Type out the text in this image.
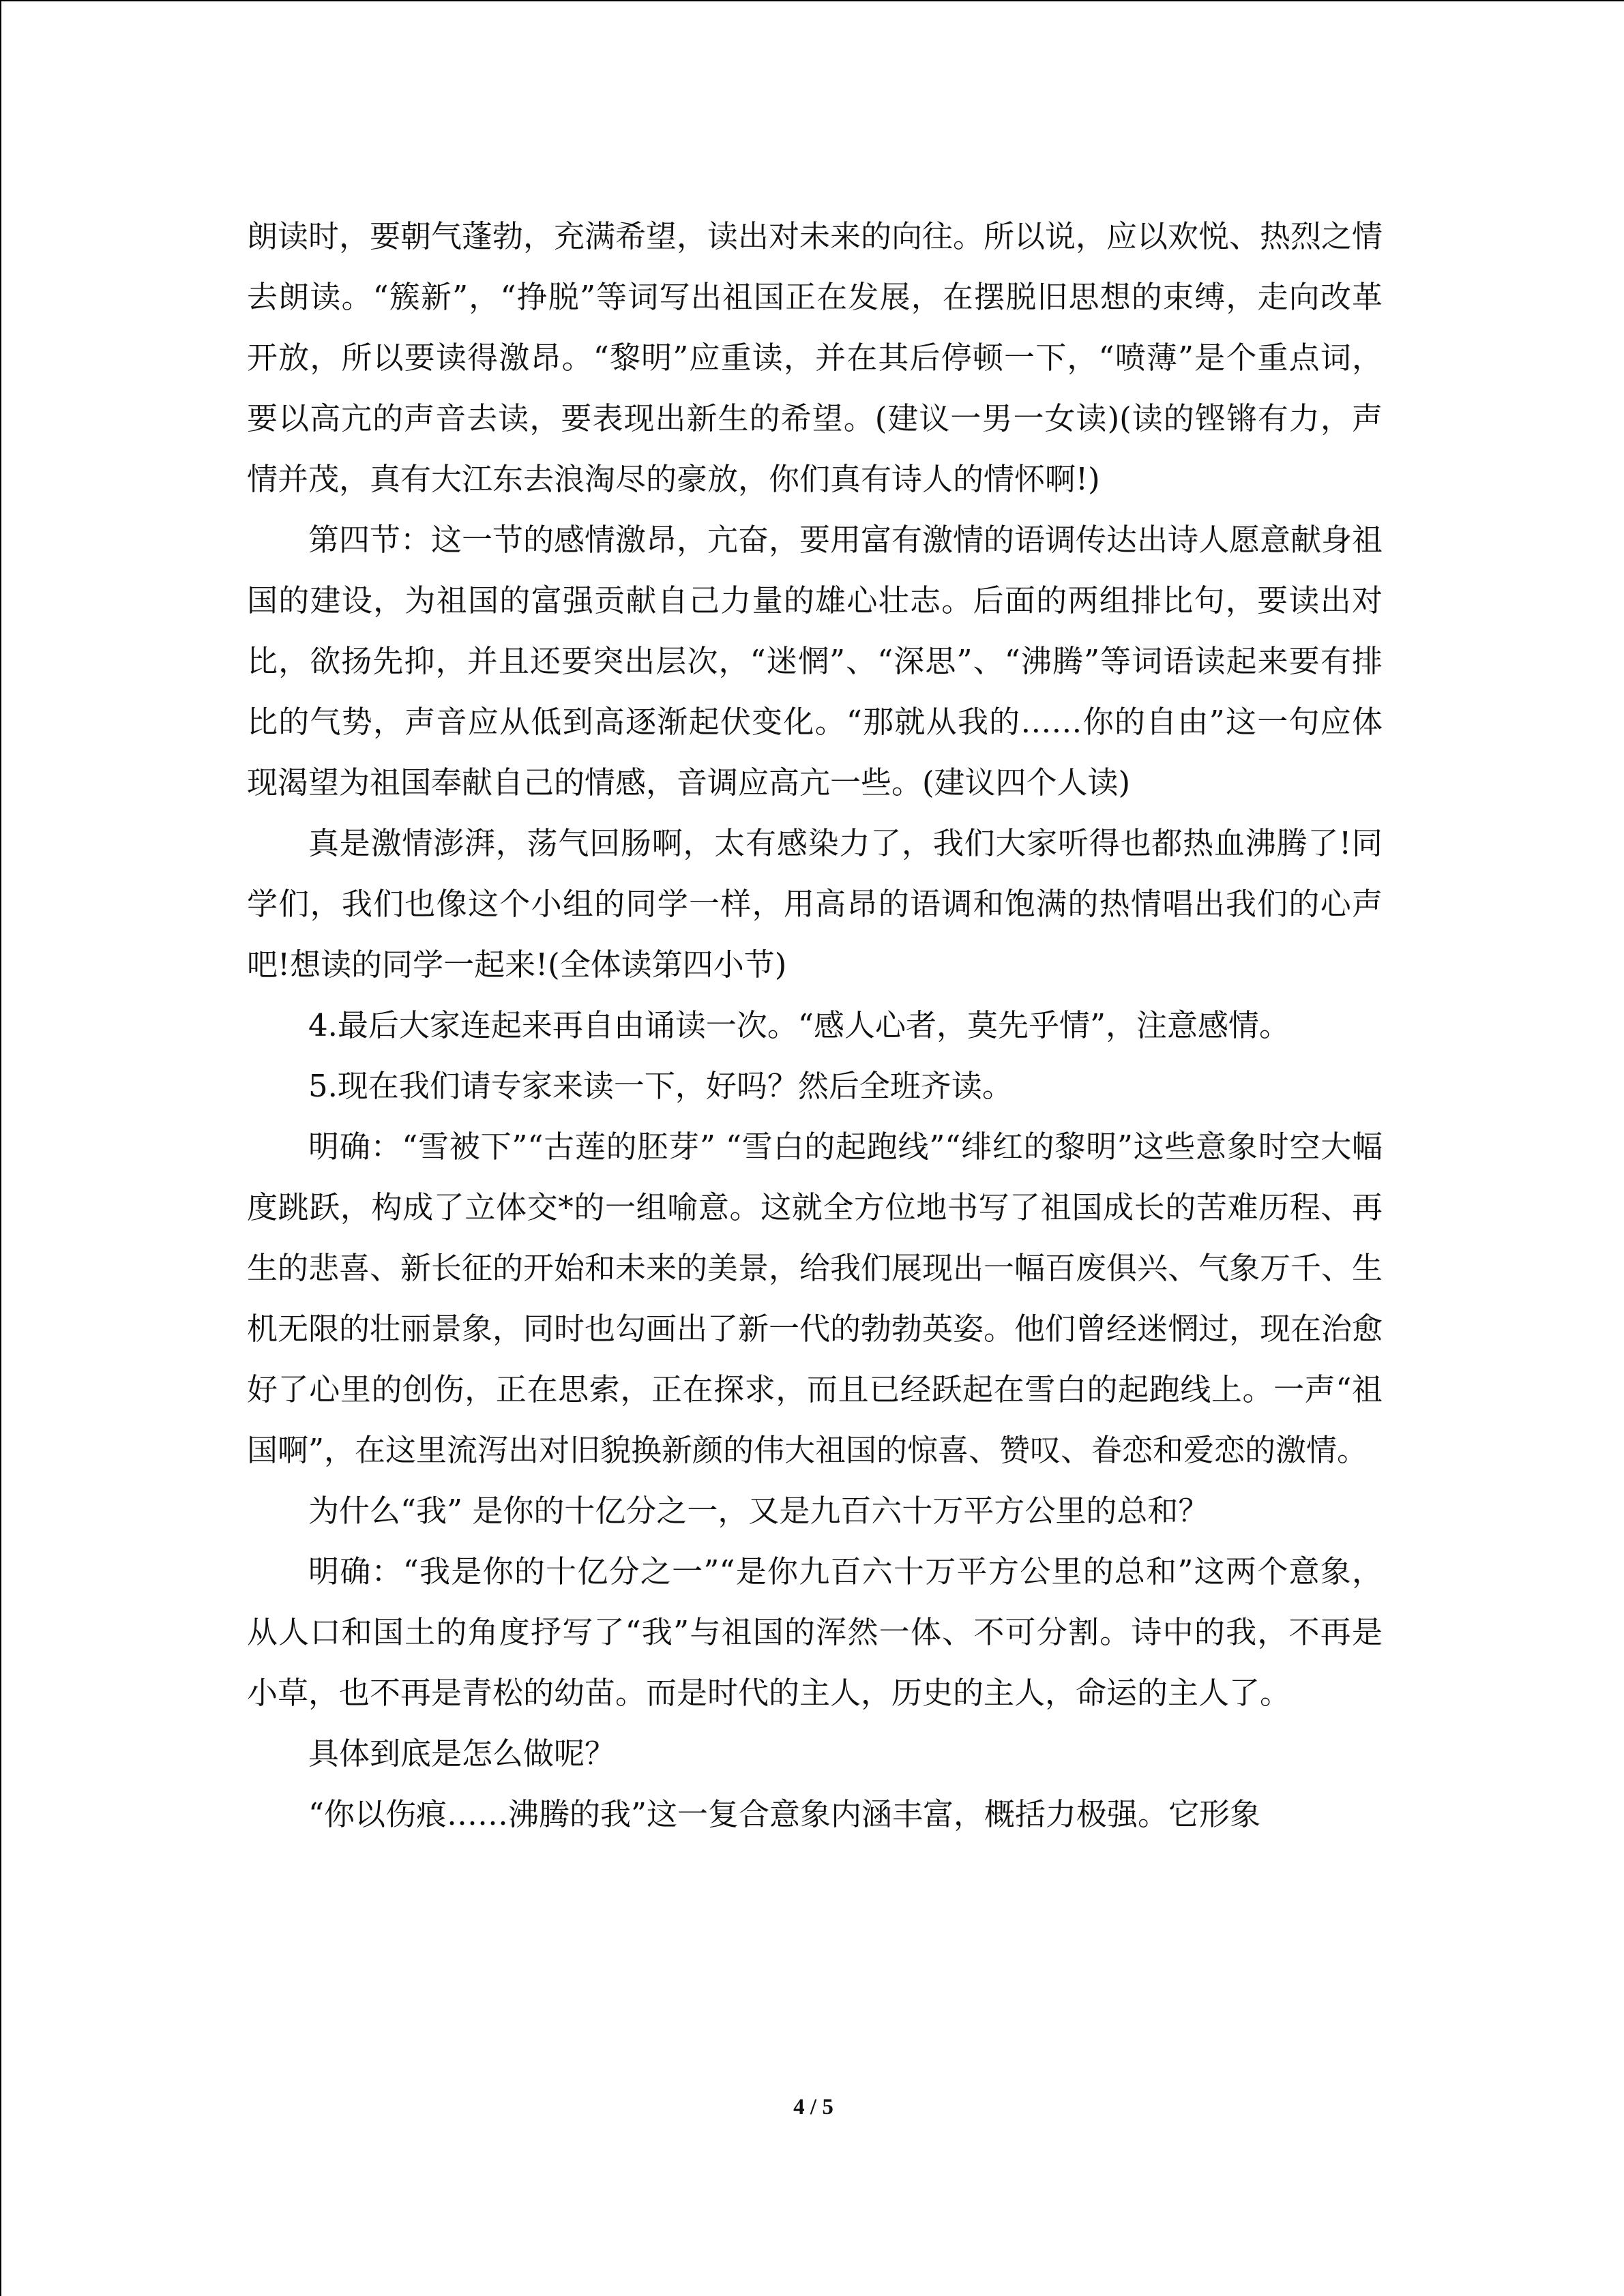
朗读时，要朝气蓬勃，充满希望，读出对未来的向往。所以说，应以欢悦、热烈之情去朗读。“簇新”，“挣脱”等词写出祖国正在发展，在摆脱旧思想的束缚，走向改革开放，所以要读得激昂。“黎明”应重读，并在其后停顿一下，“喷薄”是个重点词，要以高亢的声音去读，要表现出新生的希望。(建议一男一女读)(读的铿锵有力，声情并茂，真有大江东去浪淘尽的豪放，你们真有诗人的情怀啊!)

第四节：这一节的感情激昂，亢奋，要用富有激情的语调传达出诗人愿意献身祖国的建设，为祖国的富强贡献自己力量的雄心壮志。后面的两组排比句，要读出对比，欲扬先抑，并且还要突出层次，“迷惘”、“深思”、“沸腾”等词语读起来要有排比的气势，声音应从低到高逐渐起伏变化。“那就从我的……你的自由”这一句应体现渴望为祖国奉献自己的情感，音调应高亢一些。(建议四个人读)

真是激情澎湃，荡气回肠啊，太有感染力了，我们大家听得也都热血沸腾了!同学们，我们也像这个小组的同学一样，用高昂的语调和饱满的热情唱出我们的心声吧!想读的同学一起来!(全体读第四小节)

4.最后大家连起来再自由诵读一次。“感人心者，莫先乎情”，注意感情。

5.现在我们请专家来读一下，好吗？然后全班齐读。

明确：“雪被下”“古莲的胚芽” “雪白的起跑线”“绯红的黎明”这些意象时空大幅度跳跃，构成了立体交*的一组喻意。这就全方位地书写了祖国成长的苦难历程、再生的悲喜、新长征的开始和未来的美景，给我们展现出一幅百废俱兴、气象万千、生机无限的壮丽景象，同时也勾画出了新一代的勃勃英姿。他们曾经迷惘过，现在治愈好了心里的创伤，正在思索，正在探求，而且已经跃起在雪白的起跑线上。一声“祖国啊”，在这里流泻出对旧貌换新颜的伟大祖国的惊喜、赞叹、眷恋和爱恋的激情。

为什么“我” 是你的十亿分之一，又是九百六十万平方公里的总和？

明确：“我是你的十亿分之一”“是你九百六十万平方公里的总和”这两个意象，从人口和国土的角度抒写了“我”与祖国的浑然一体、不可分割。诗中的我，不再是小草，也不再是青松的幼苗。而是时代的主人，历史的主人，命运的主人了。

具体到底是怎么做呢？

“你以伤痕……沸腾的我”这一复合意象内涵丰富，概括力极强。它形象

4 / 5
